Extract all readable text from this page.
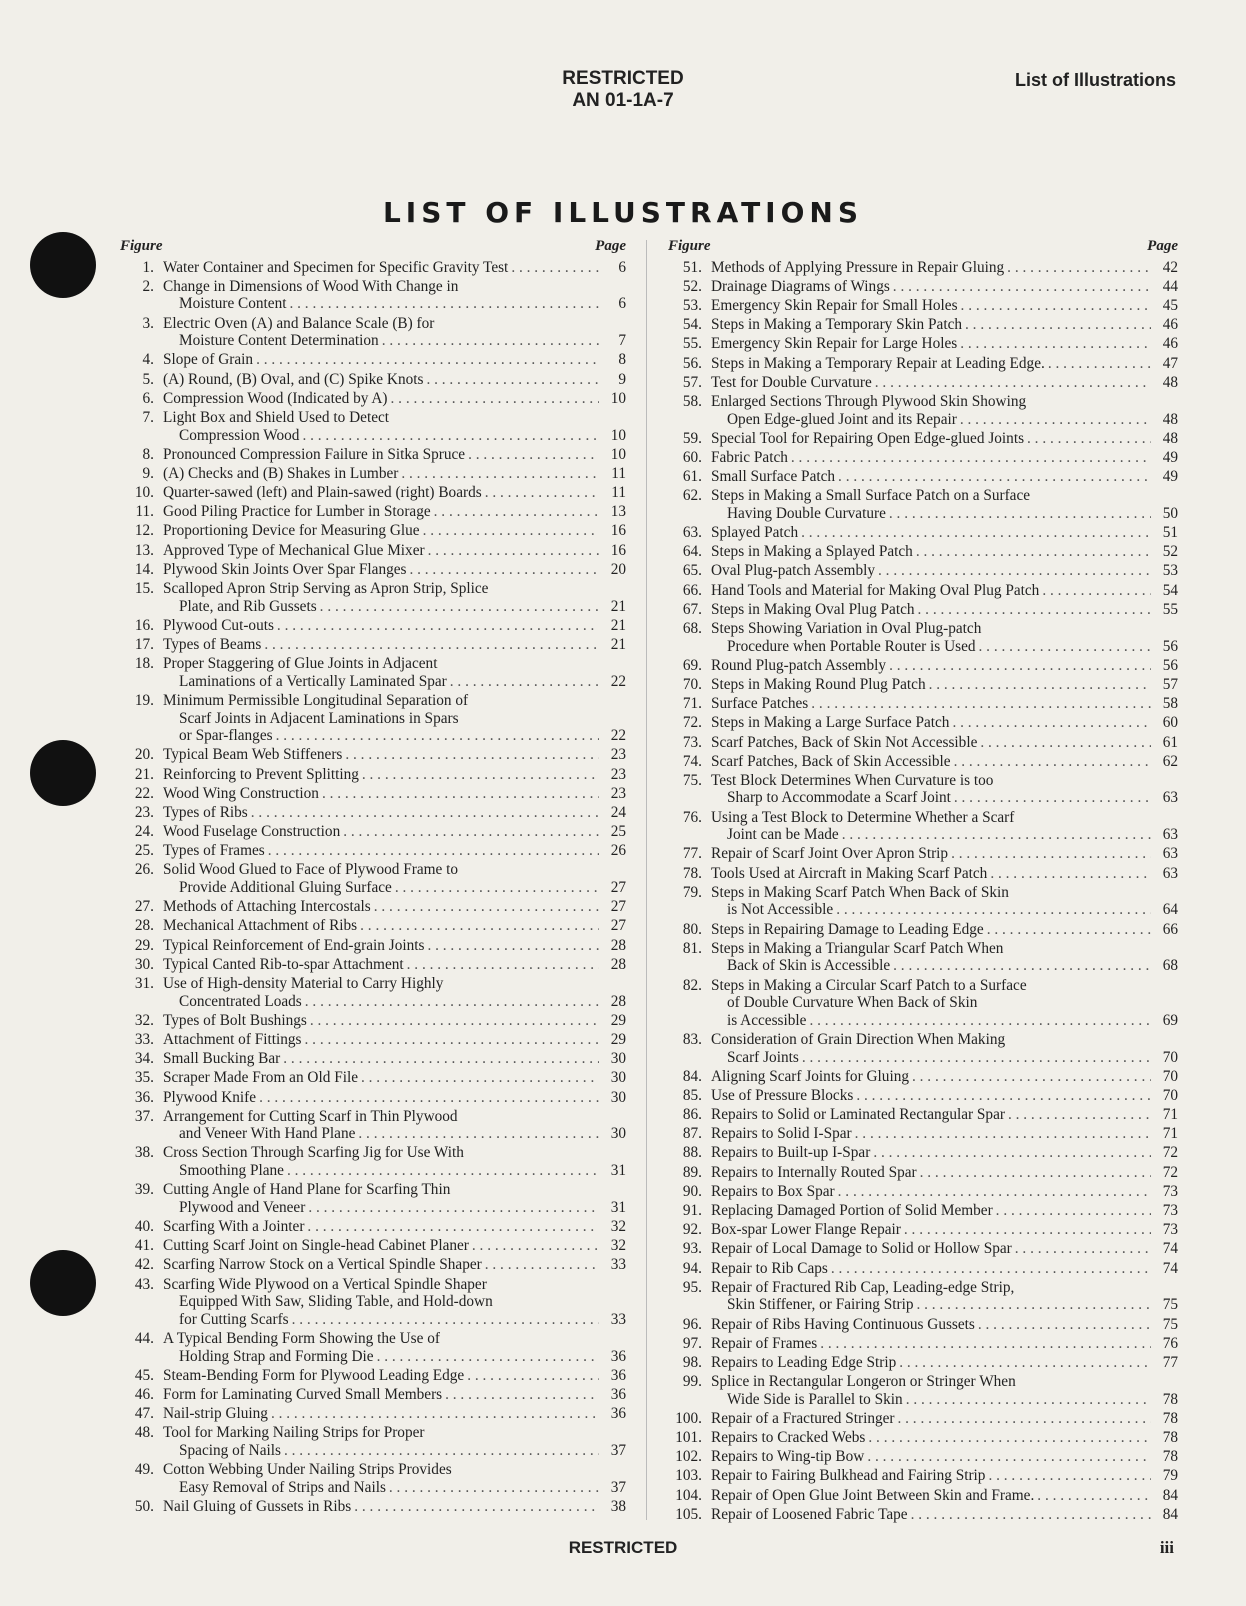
RESTRICTED
AN 01-1A-7
List of Illustrations
LIST OF ILLUSTRATIONS
Figure	Page
1. Water Container and Specimen for Specific Gravity Test . . .	6
2. Change in Dimensions of Wood With Change in
Moisture Content . . .	6
3. Electric Oven (A) and Balance Scale (B) for
Moisture Content Determination . . .	7
4. Slope of Grain . . .	8
5. (A) Round, (B) Oval, and (C) Spike Knots . . .	9
6. Compression Wood (Indicated by A) . . .	10
7. Light Box and Shield Used to Detect
Compression Wood . . .	10
8. Pronounced Compression Failure in Sitka Spruce . . .	10
9. (A) Checks and (B) Shakes in Lumber . . .	11
10. Quarter-sawed (left) and Plain-sawed (right) Boards . . .	11
11. Good Piling Practice for Lumber in Storage . . .	13
12. Proportioning Device for Measuring Glue . . .	16
13. Approved Type of Mechanical Glue Mixer . . .	16
14. Plywood Skin Joints Over Spar Flanges . . .	20
15. Scalloped Apron Strip Serving as Apron Strip, Splice
Plate, and Rib Gussets . . .	21
16. Plywood Cut-outs . . .	21
17. Types of Beams . . .	21
18. Proper Staggering of Glue Joints in Adjacent
Laminations of a Vertically Laminated Spar . . .	22
19. Minimum Permissible Longitudinal Separation of
Scarf Joints in Adjacent Laminations in Spars
or Spar-flanges . . .	22
20. Typical Beam Web Stiffeners . . .	23
21. Reinforcing to Prevent Splitting . . .	23
22. Wood Wing Construction . . .	23
23. Types of Ribs . . .	24
24. Wood Fuselage Construction . . .	25
25. Types of Frames . . .	26
26. Solid Wood Glued to Face of Plywood Frame to
Provide Additional Gluing Surface . . .	27
27. Methods of Attaching Intercostals . . .	27
28. Mechanical Attachment of Ribs . . .	27
29. Typical Reinforcement of End-grain Joints . . .	28
30. Typical Canted Rib-to-spar Attachment . . .	28
31. Use of High-density Material to Carry Highly
Concentrated Loads . . .	28
32. Types of Bolt Bushings . . .	29
33. Attachment of Fittings . . .	29
34. Small Bucking Bar . . .	30
35. Scraper Made From an Old File . . .	30
36. Plywood Knife . . .	30
37. Arrangement for Cutting Scarf in Thin Plywood
and Veneer With Hand Plane . . .	30
38. Cross Section Through Scarfing Jig for Use With
Smoothing Plane . . .	31
39. Cutting Angle of Hand Plane for Scarfing Thin
Plywood and Veneer . . .	31
40. Scarfing With a Jointer . . .	32
41. Cutting Scarf Joint on Single-head Cabinet Planer . . .	32
42. Scarfing Narrow Stock on a Vertical Spindle Shaper . . .	33
43. Scarfing Wide Plywood on a Vertical Spindle Shaper
Equipped With Saw, Sliding Table, and Hold-down
for Cutting Scarfs . . .	33
44. A Typical Bending Form Showing the Use of
Holding Strap and Forming Die . . .	36
45. Steam-Bending Form for Plywood Leading Edge . . .	36
46. Form for Laminating Curved Small Members . . .	36
47. Nail-strip Gluing . . .	36
48. Tool for Marking Nailing Strips for Proper
Spacing of Nails . . .	37
49. Cotton Webbing Under Nailing Strips Provides
Easy Removal of Strips and Nails . . .	37
50. Nail Gluing of Gussets in Ribs . . .	38
Figure	Page
51. Methods of Applying Pressure in Repair Gluing . . .	42
52. Drainage Diagrams of Wings . . .	44
53. Emergency Skin Repair for Small Holes . . .	45
54. Steps in Making a Temporary Skin Patch . . .	46
55. Emergency Skin Repair for Large Holes . . .	46
56. Steps in Making a Temporary Repair at Leading Edge. . . .	47
57. Test for Double Curvature . . .	48
58. Enlarged Sections Through Plywood Skin Showing
Open Edge-glued Joint and its Repair . . .	48
59. Special Tool for Repairing Open Edge-glued Joints . . .	48
60. Fabric Patch . . .	49
61. Small Surface Patch . . .	49
62. Steps in Making a Small Surface Patch on a Surface
Having Double Curvature . . .	50
63. Splayed Patch . . .	51
64. Steps in Making a Splayed Patch . . .	52
65. Oval Plug-patch Assembly . . .	53
66. Hand Tools and Material for Making Oval Plug Patch . . .	54
67. Steps in Making Oval Plug Patch . . .	55
68. Steps Showing Variation in Oval Plug-patch
Procedure when Portable Router is Used . . .	56
69. Round Plug-patch Assembly . . .	56
70. Steps in Making Round Plug Patch . . .	57
71. Surface Patches . . .	58
72. Steps in Making a Large Surface Patch . . .	60
73. Scarf Patches, Back of Skin Not Accessible . . .	61
74. Scarf Patches, Back of Skin Accessible . . .	62
75. Test Block Determines When Curvature is too
Sharp to Accommodate a Scarf Joint . . .	63
76. Using a Test Block to Determine Whether a Scarf
Joint can be Made . . .	63
77. Repair of Scarf Joint Over Apron Strip . . .	63
78. Tools Used at Aircraft in Making Scarf Patch . . .	63
79. Steps in Making Scarf Patch When Back of Skin
is Not Accessible . . .	64
80. Steps in Repairing Damage to Leading Edge . . .	66
81. Steps in Making a Triangular Scarf Patch When
Back of Skin is Accessible . . .	68
82. Steps in Making a Circular Scarf Patch to a Surface
of Double Curvature When Back of Skin
is Accessible . . .	69
83. Consideration of Grain Direction When Making
Scarf Joints . . .	70
84. Aligning Scarf Joints for Gluing . . .	70
85. Use of Pressure Blocks . . .	70
86. Repairs to Solid or Laminated Rectangular Spar . . .	71
87. Repairs to Solid I-Spar . . .	71
88. Repairs to Built-up I-Spar . . .	72
89. Repairs to Internally Routed Spar . . .	72
90. Repairs to Box Spar . . .	73
91. Replacing Damaged Portion of Solid Member . . .	73
92. Box-spar Lower Flange Repair . . .	73
93. Repair of Local Damage to Solid or Hollow Spar . . .	74
94. Repair to Rib Caps . . .	74
95. Repair of Fractured Rib Cap, Leading-edge Strip,
Skin Stiffener, or Fairing Strip . . .	75
96. Repair of Ribs Having Continuous Gussets . . .	75
97. Repair of Frames . . .	76
98. Repairs to Leading Edge Strip . . .	77
99. Splice in Rectangular Longeron or Stringer When
Wide Side is Parallel to Skin . . .	78
100. Repair of a Fractured Stringer . . .	78
101. Repairs to Cracked Webs . . .	78
102. Repairs to Wing-tip Bow . . .	78
103. Repair to Fairing Bulkhead and Fairing Strip . . .	79
104. Repair of Open Glue Joint Between Skin and Frame. . . .	84
105. Repair of Loosened Fabric Tape . . .	84
RESTRICTED	iii
